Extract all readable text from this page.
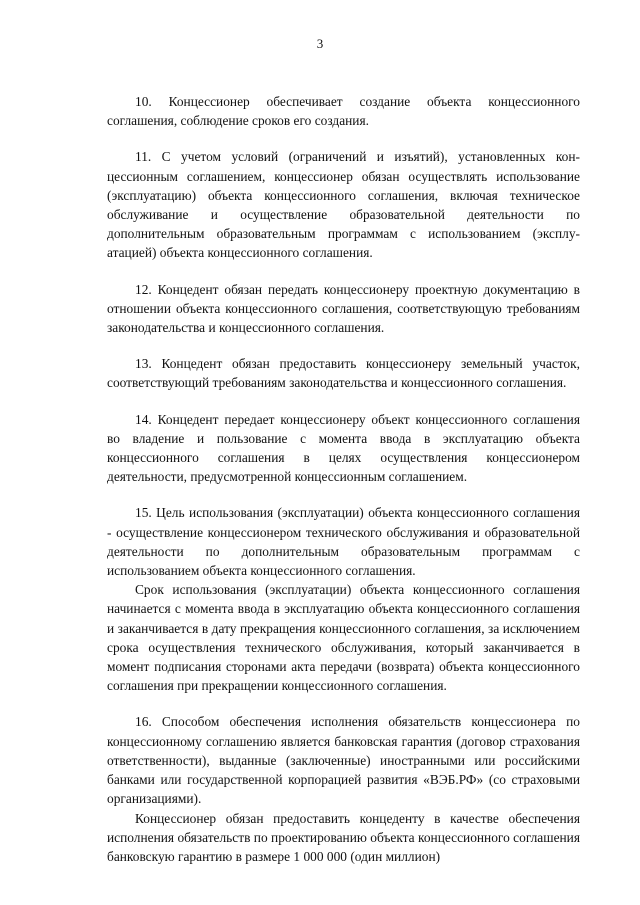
3

10. Концессионер обеспечивает создание объекта концессионного соглашения, соблюдение сроков его создания.

11. С учетом условий (ограничений и изъятий), установленных концессионным соглашением, концессионер обязан осуществлять использование (эксплуатацию) объекта концессионного соглашения, включая техническое обслуживание и осуществление образовательной деятельности по дополнительным образовательным программам с использованием (эксплуатацией) объекта концессионного соглашения.

12. Концедент обязан передать концессионеру проектную документацию в отношении объекта концессионного соглашения, соответствующую требованиям законодательства и концессионного соглашения.

13. Концедент обязан предоставить концессионеру земельный участок, соответствующий требованиям законодательства и концессионного соглашения.

14. Концедент передает концессионеру объект концессионного соглашения во владение и пользование с момента ввода в эксплуатацию объекта концессионного соглашения в целях осуществления концессионером деятельности, предусмотренной концессионным соглашением.

15. Цель использования (эксплуатации) объекта концессионного соглашения - осуществление концессионером технического обслуживания и образовательной деятельности по дополнительным образовательным программам с использованием объекта концессионного соглашения.

Срок использования (эксплуатации) объекта концессионного соглашения начинается с момента ввода в эксплуатацию объекта концессионного соглашения и заканчивается в дату прекращения концессионного соглашения, за исключением срока осуществления технического обслуживания, который заканчивается в момент подписания сторонами акта передачи (возврата) объекта концессионного соглашения при прекращении концессионного соглашения.

16. Способом обеспечения исполнения обязательств концессионера по концессионному соглашению является банковская гарантия (договор страхования ответственности), выданные (заключенные) иностранными или российскими банками или государственной корпорацией развития «ВЭБ.РФ» (со страховыми организациями).

Концессионер обязан предоставить концеденту в качестве обеспечения исполнения обязательств по проектированию объекта концессионного соглашения банковскую гарантию в размере 1 000 000 (один миллион)
